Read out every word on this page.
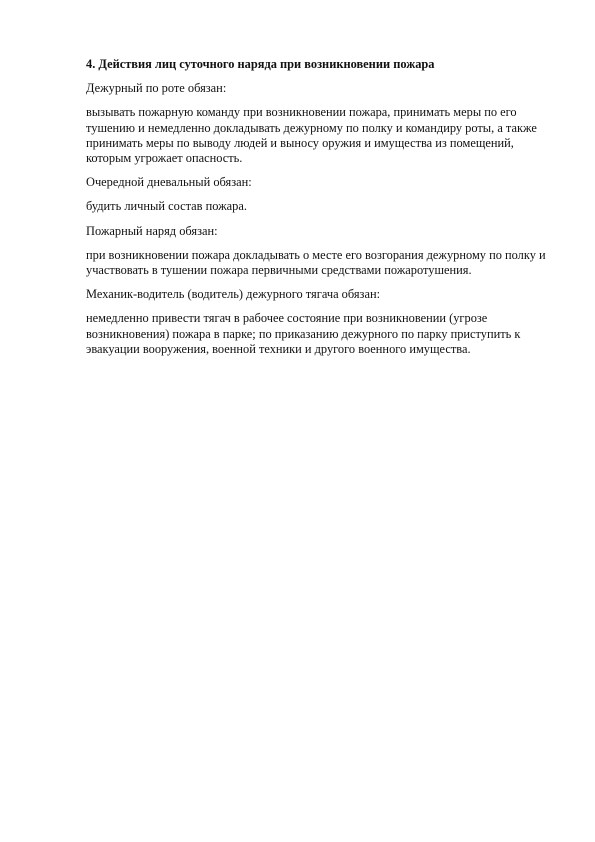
4. Действия лиц суточного наряда при возникновении пожара
Дежурный по роте обязан:
вызывать пожарную команду при возникновении пожара, принимать меры по его тушению и немедленно докладывать дежурному по полку и командиру роты, а также принимать меры по выводу людей и выносу оружия и имущества из помещений, которым угрожает опасность.
Очередной дневальный обязан:
будить личный состав пожара.
Пожарный наряд обязан:
при возникновении пожара докладывать о месте его возгорания дежурному по полку и участвовать в тушении пожара первичными средствами пожаротушения.
Механик-водитель (водитель) дежурного тягача обязан:
немедленно привести тягач в рабочее состояние при возникновении (угрозе возникновения) пожара в парке; по приказанию дежурного по парку приступить к эвакуации вооружения, военной техники и другого военного имущества.
